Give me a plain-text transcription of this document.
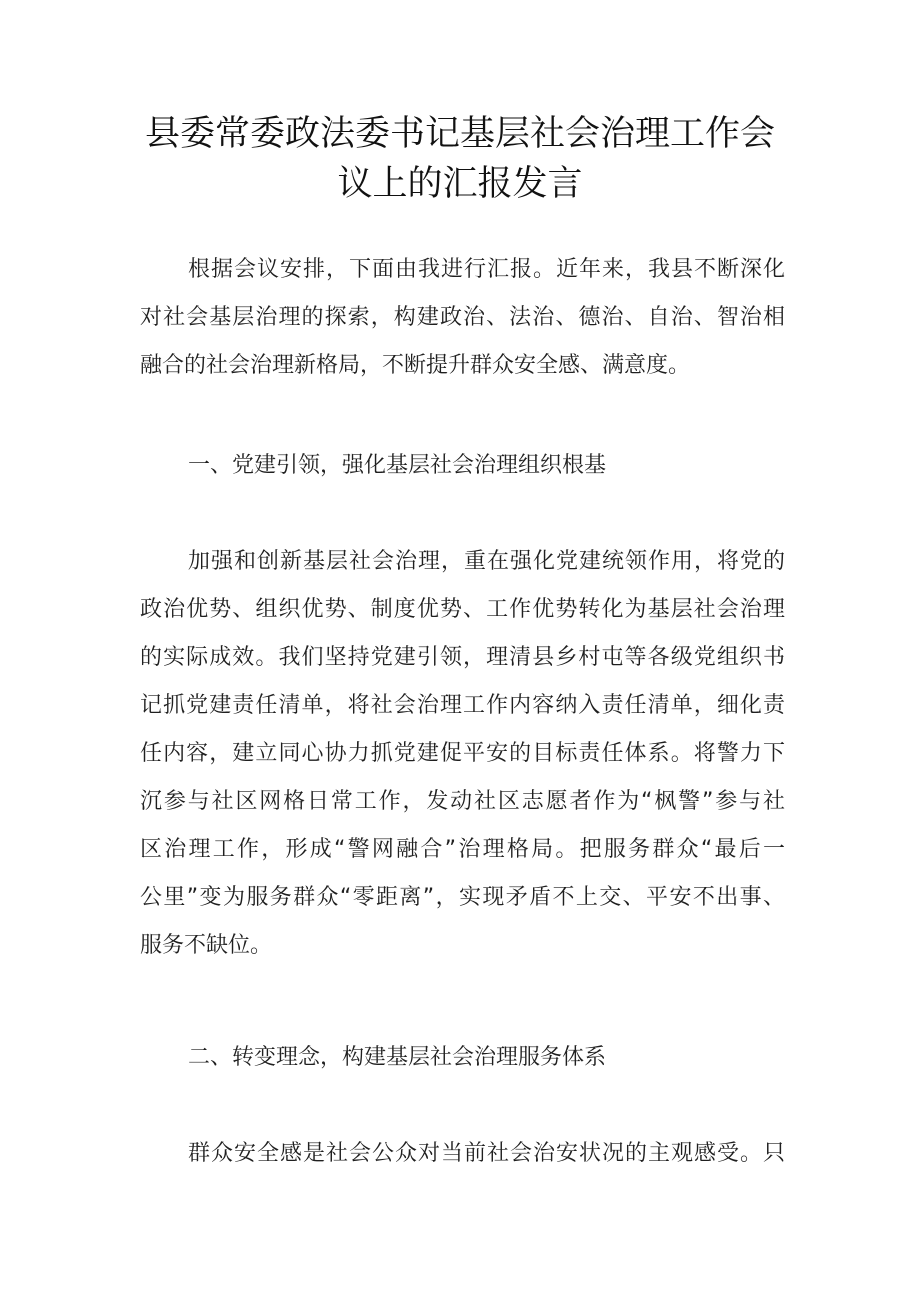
县委常委政法委书记基层社会治理工作会
议上的汇报发言

根据会议安排，下面由我进行汇报。近年来，我县不断深化

对社会基层治理的探索，构建政治、法治、德治、自治、智治相

融合的社会治理新格局，不断提升群众安全感、满意度。

一、党建引领，强化基层社会治理组织根基

加强和创新基层社会治理，重在强化党建统领作用，将党的

政治优势、组织优势、制度优势、工作优势转化为基层社会治理

的实际成效。我们坚持党建引领，理清县乡村屯等各级党组织书

记抓党建责任清单，将社会治理工作内容纳入责任清单，细化责

任内容，建立同心协力抓党建促平安的目标责任体系。将警力下

沉参与社区网格日常工作，发动社区志愿者作为“枫警”参与社

区治理工作，形成“警网融合”治理格局。把服务群众“最后一

公里”变为服务群众“零距离”，实现矛盾不上交、平安不出事、

服务不缺位。

二、转变理念，构建基层社会治理服务体系

群众安全感是社会公众对当前社会治安状况的主观感受。只
